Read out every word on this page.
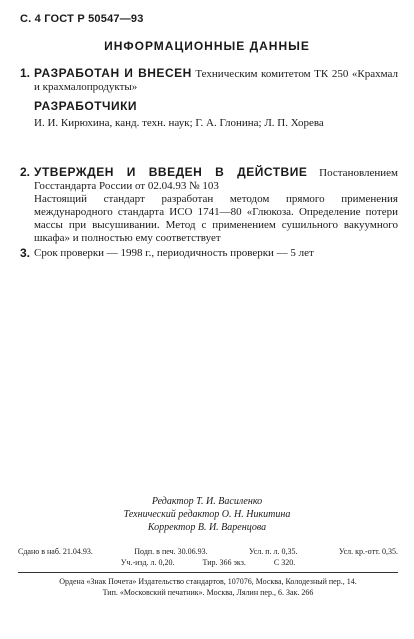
С. 4 ГОСТ Р 50547—93
ИНФОРМАЦИОННЫЕ ДАННЫЕ
1. РАЗРАБОТАН И ВНЕСЕН Техническим комитетом ТК 250 «Крахмал и крахмалопродукты»
РАЗРАБОТЧИКИ
И. И. Кирюхина, канд. техн. наук; Г. А. Глонина; Л. П. Хорева
2. УТВЕРЖДЕН И ВВЕДЕН В ДЕЙСТВИЕ Постановлением Госстандарта России от 02.04.93 № 103
Настоящий стандарт разработан методом прямого применения международного стандарта ИСО 1741—80 «Глюкоза. Определение потери массы при высушивании. Метод с применением сушильного вакуумного шкафа» и полностью ему соответствует
3. Срок проверки — 1998 г., периодичность проверки — 5 лет
Редактор Т. И. Василенко
Технический редактор О. Н. Никитина
Корректор В. И. Варенцова
Сдано в наб. 21.04.93.	Подп. в печ. 30.06.93.	Усл. п. л. 0,35.	Усл. кр.-отт. 0,35.
Уч.-изд. л. 0,20.	Тир. 366 экз.	С 320.
Ордена «Знак Почета» Издательство стандартов, 107076, Москва, Колодезный пер., 14.
Тип. «Московский печатник». Москва, Лялин пер., 6. Зак. 266
